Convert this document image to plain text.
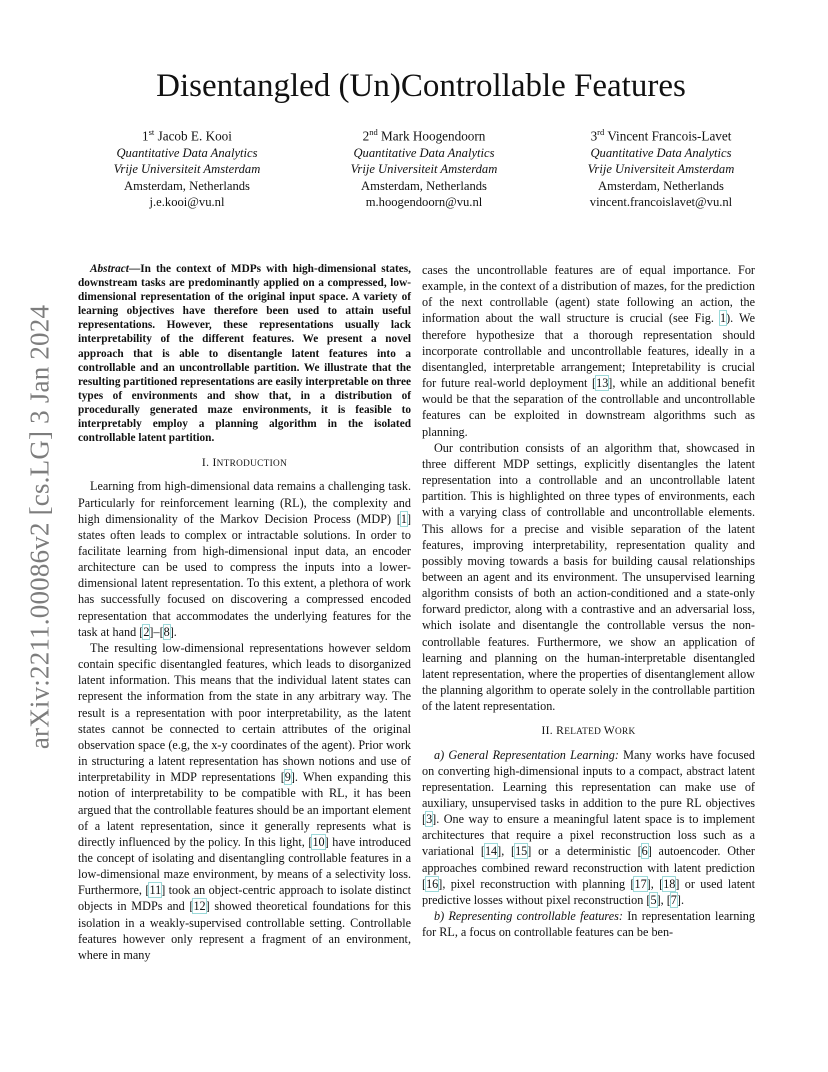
arXiv:2211.00086v2 [cs.LG] 3 Jan 2024
Disentangled (Un)Controllable Features
1st Jacob E. Kooi
Quantitative Data Analytics
Vrije Universiteit Amsterdam
Amsterdam, Netherlands
j.e.kooi@vu.nl
2nd Mark Hoogendoorn
Quantitative Data Analytics
Vrije Universiteit Amsterdam
Amsterdam, Netherlands
m.hoogendoorn@vu.nl
3rd Vincent Francois-Lavet
Quantitative Data Analytics
Vrije Universiteit Amsterdam
Amsterdam, Netherlands
vincent.francoislavet@vu.nl

Abstract—In the context of MDPs with high-dimensional states, downstream tasks are predominantly applied on a compressed, low-dimensional representation of the original input space. A variety of learning objectives have therefore been used to attain useful representations. However, these representations usually lack interpretability of the different features. We present a novel approach that is able to disentangle latent features into a controllable and an uncontrollable partition. We illustrate that the resulting partitioned representations are easily interpretable on three types of environments and show that, in a distribution of procedurally generated maze environments, it is feasible to interpretably employ a planning algorithm in the isolated controllable latent partition.

I. INTRODUCTION

Learning from high-dimensional data remains a challenging task. Particularly for reinforcement learning (RL), the complexity and high dimensionality of the Markov Decision Process (MDP) [1] states often leads to complex or intractable solutions. In order to facilitate learning from high-dimensional input data, an encoder architecture can be used to compress the inputs into a lower-dimensional latent representation. To this extent, a plethora of work has successfully focused on discovering a compressed encoded representation that accommodates the underlying features for the task at hand [2]–[8].

The resulting low-dimensional representations however seldom contain specific disentangled features, which leads to disorganized latent information. This means that the individual latent states can represent the information from the state in any arbitrary way. The result is a representation with poor interpretability, as the latent states cannot be connected to certain attributes of the original observation space (e.g, the x-y coordinates of the agent). Prior work in structuring a latent representation has shown notions and use of interpretability in MDP representations [9]. When expanding this notion of interpretability to be compatible with RL, it has been argued that the controllable features should be an important element of a latent representation, since it generally represents what is directly influenced by the policy. In this light, [10] have introduced the concept of isolating and disentangling controllable features in a low-dimensional maze environment, by means of a selectivity loss. Furthermore, [11] took an object-centric approach to isolate distinct objects in MDPs and [12] showed theoretical foundations for this isolation in a weakly-supervised controllable setting. Controllable features however only represent a fragment of an environment, where in many

cases the uncontrollable features are of equal importance. For example, in the context of a distribution of mazes, for the prediction of the next controllable (agent) state following an action, the information about the wall structure is crucial (see Fig. 1). We therefore hypothesize that a thorough representation should incorporate controllable and uncontrollable features, ideally in a disentangled, interpretable arrangement; Intepretability is crucial for future real-world deployment [13], while an additional benefit would be that the separation of the controllable and uncontrollable features can be exploited in downstream algorithms such as planning.

Our contribution consists of an algorithm that, showcased in three different MDP settings, explicitly disentangles the latent representation into a controllable and an uncontrollable latent partition. This is highlighted on three types of environments, each with a varying class of controllable and uncontrollable elements. This allows for a precise and visible separation of the latent features, improving interpretability, representation quality and possibly moving towards a basis for building causal relationships between an agent and its environment. The unsupervised learning algorithm consists of both an action-conditioned and a state-only forward predictor, along with a contrastive and an adversarial loss, which isolate and disentangle the controllable versus the non-controllable features. Furthermore, we show an application of learning and planning on the human-interpretable disentangled latent representation, where the properties of disentanglement allow the planning algorithm to operate solely in the controllable partition of the latent representation.

II. RELATED WORK

a) General Representation Learning: Many works have focused on converting high-dimensional inputs to a compact, abstract latent representation. Learning this representation can make use of auxiliary, unsupervised tasks in addition to the pure RL objectives [3]. One way to ensure a meaningful latent space is to implement architectures that require a pixel reconstruction loss such as a variational [14], [15] or a deterministic [6] autoencoder. Other approaches combined reward reconstruction with latent prediction [16], pixel reconstruction with planning [17], [18] or used latent predictive losses without pixel reconstruction [5], [7].

b) Representing controllable features: In representation learning for RL, a focus on controllable features can be ben-
